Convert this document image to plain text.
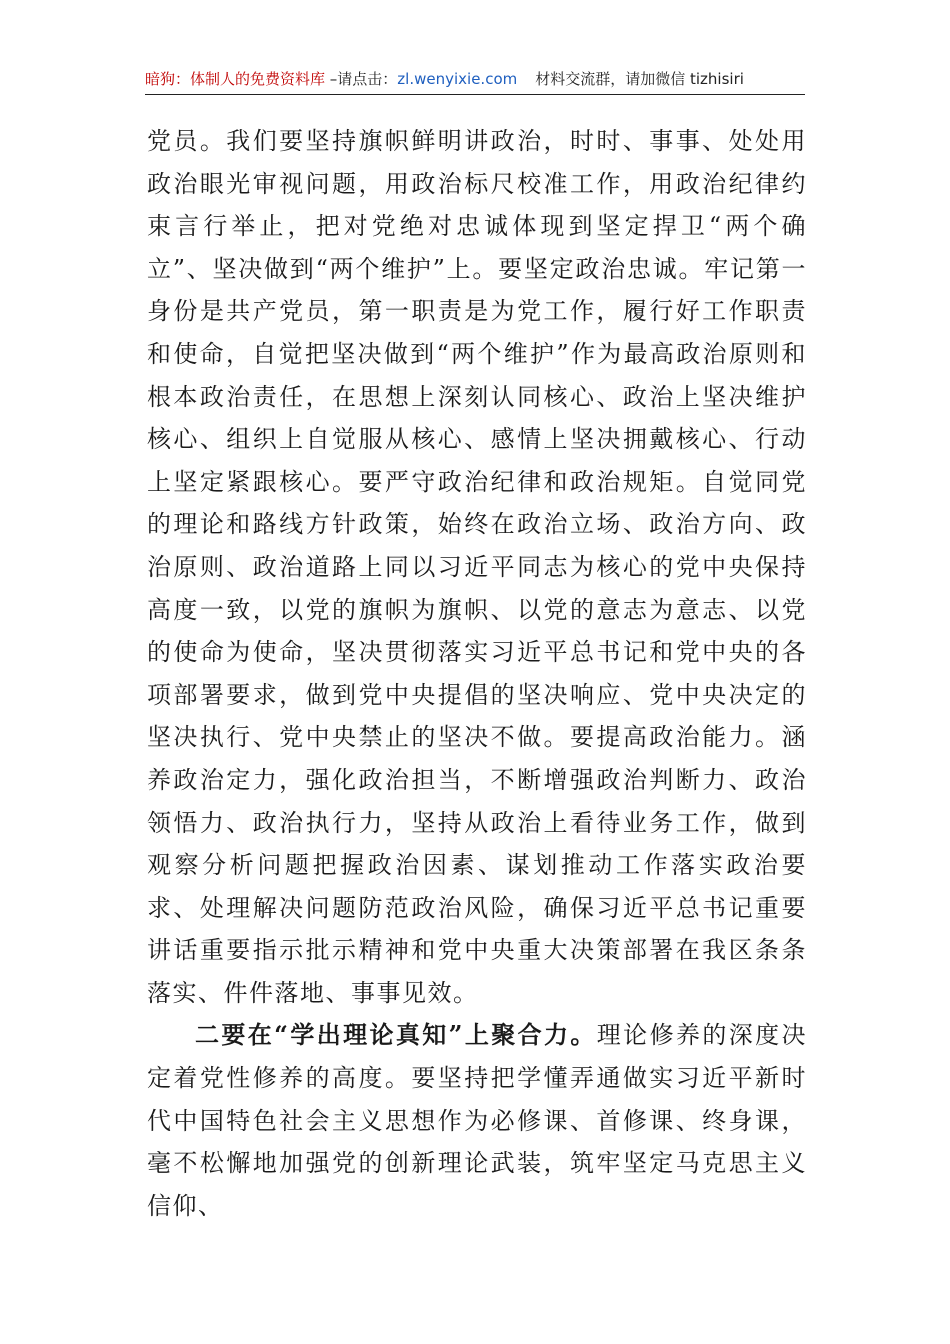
暗狗：体制人的免费资料库 –请点击：zl.wenyixie.com 材料交流群，请加微信 tizhisiri

党员。我们要坚持旗帜鲜明讲政治，时时、事事、处处用政治眼光审视问题，用政治标尺校准工作，用政治纪律约束言行举止，把对党绝对忠诚体现到坚定捍卫“两个确立”、坚决做到“两个维护”上。要坚定政治忠诚。牢记第一身份是共产党员，第一职责是为党工作，履行好工作职责和使命，自觉把坚决做到“两个维护”作为最高政治原则和根本政治责任，在思想上深刻认同核心、政治上坚决维护核心、组织上自觉服从核心、感情上坚决拥戴核心、行动上坚定紧跟核心。要严守政治纪律和政治规矩。自觉同党的理论和路线方针政策，始终在政治立场、政治方向、政治原则、政治道路上同以习近平同志为核心的党中央保持高度一致，以党的旗帜为旗帜、以党的意志为意志、以党的使命为使命，坚决贯彻落实习近平总书记和党中央的各项部署要求，做到党中央提倡的坚决响应、党中央决定的坚决执行、党中央禁止的坚决不做。要提高政治能力。涵养政治定力，强化政治担当，不断增强政治判断力、政治领悟力、政治执行力，坚持从政治上看待业务工作，做到观察分析问题把握政治因素、谋划推动工作落实政治要求、处理解决问题防范政治风险，确保习近平总书记重要讲话重要指示批示精神和党中央重大决策部署在我区条条落实、件件落地、事事见效。

二要在“学出理论真知”上聚合力。理论修养的深度决定着党性修养的高度。要坚持把学懂弄通做实习近平新时代中国特色社会主义思想作为必修课、首修课、终身课，毫不松懈地加强党的创新理论武装，筑牢坚定马克思主义信仰、
